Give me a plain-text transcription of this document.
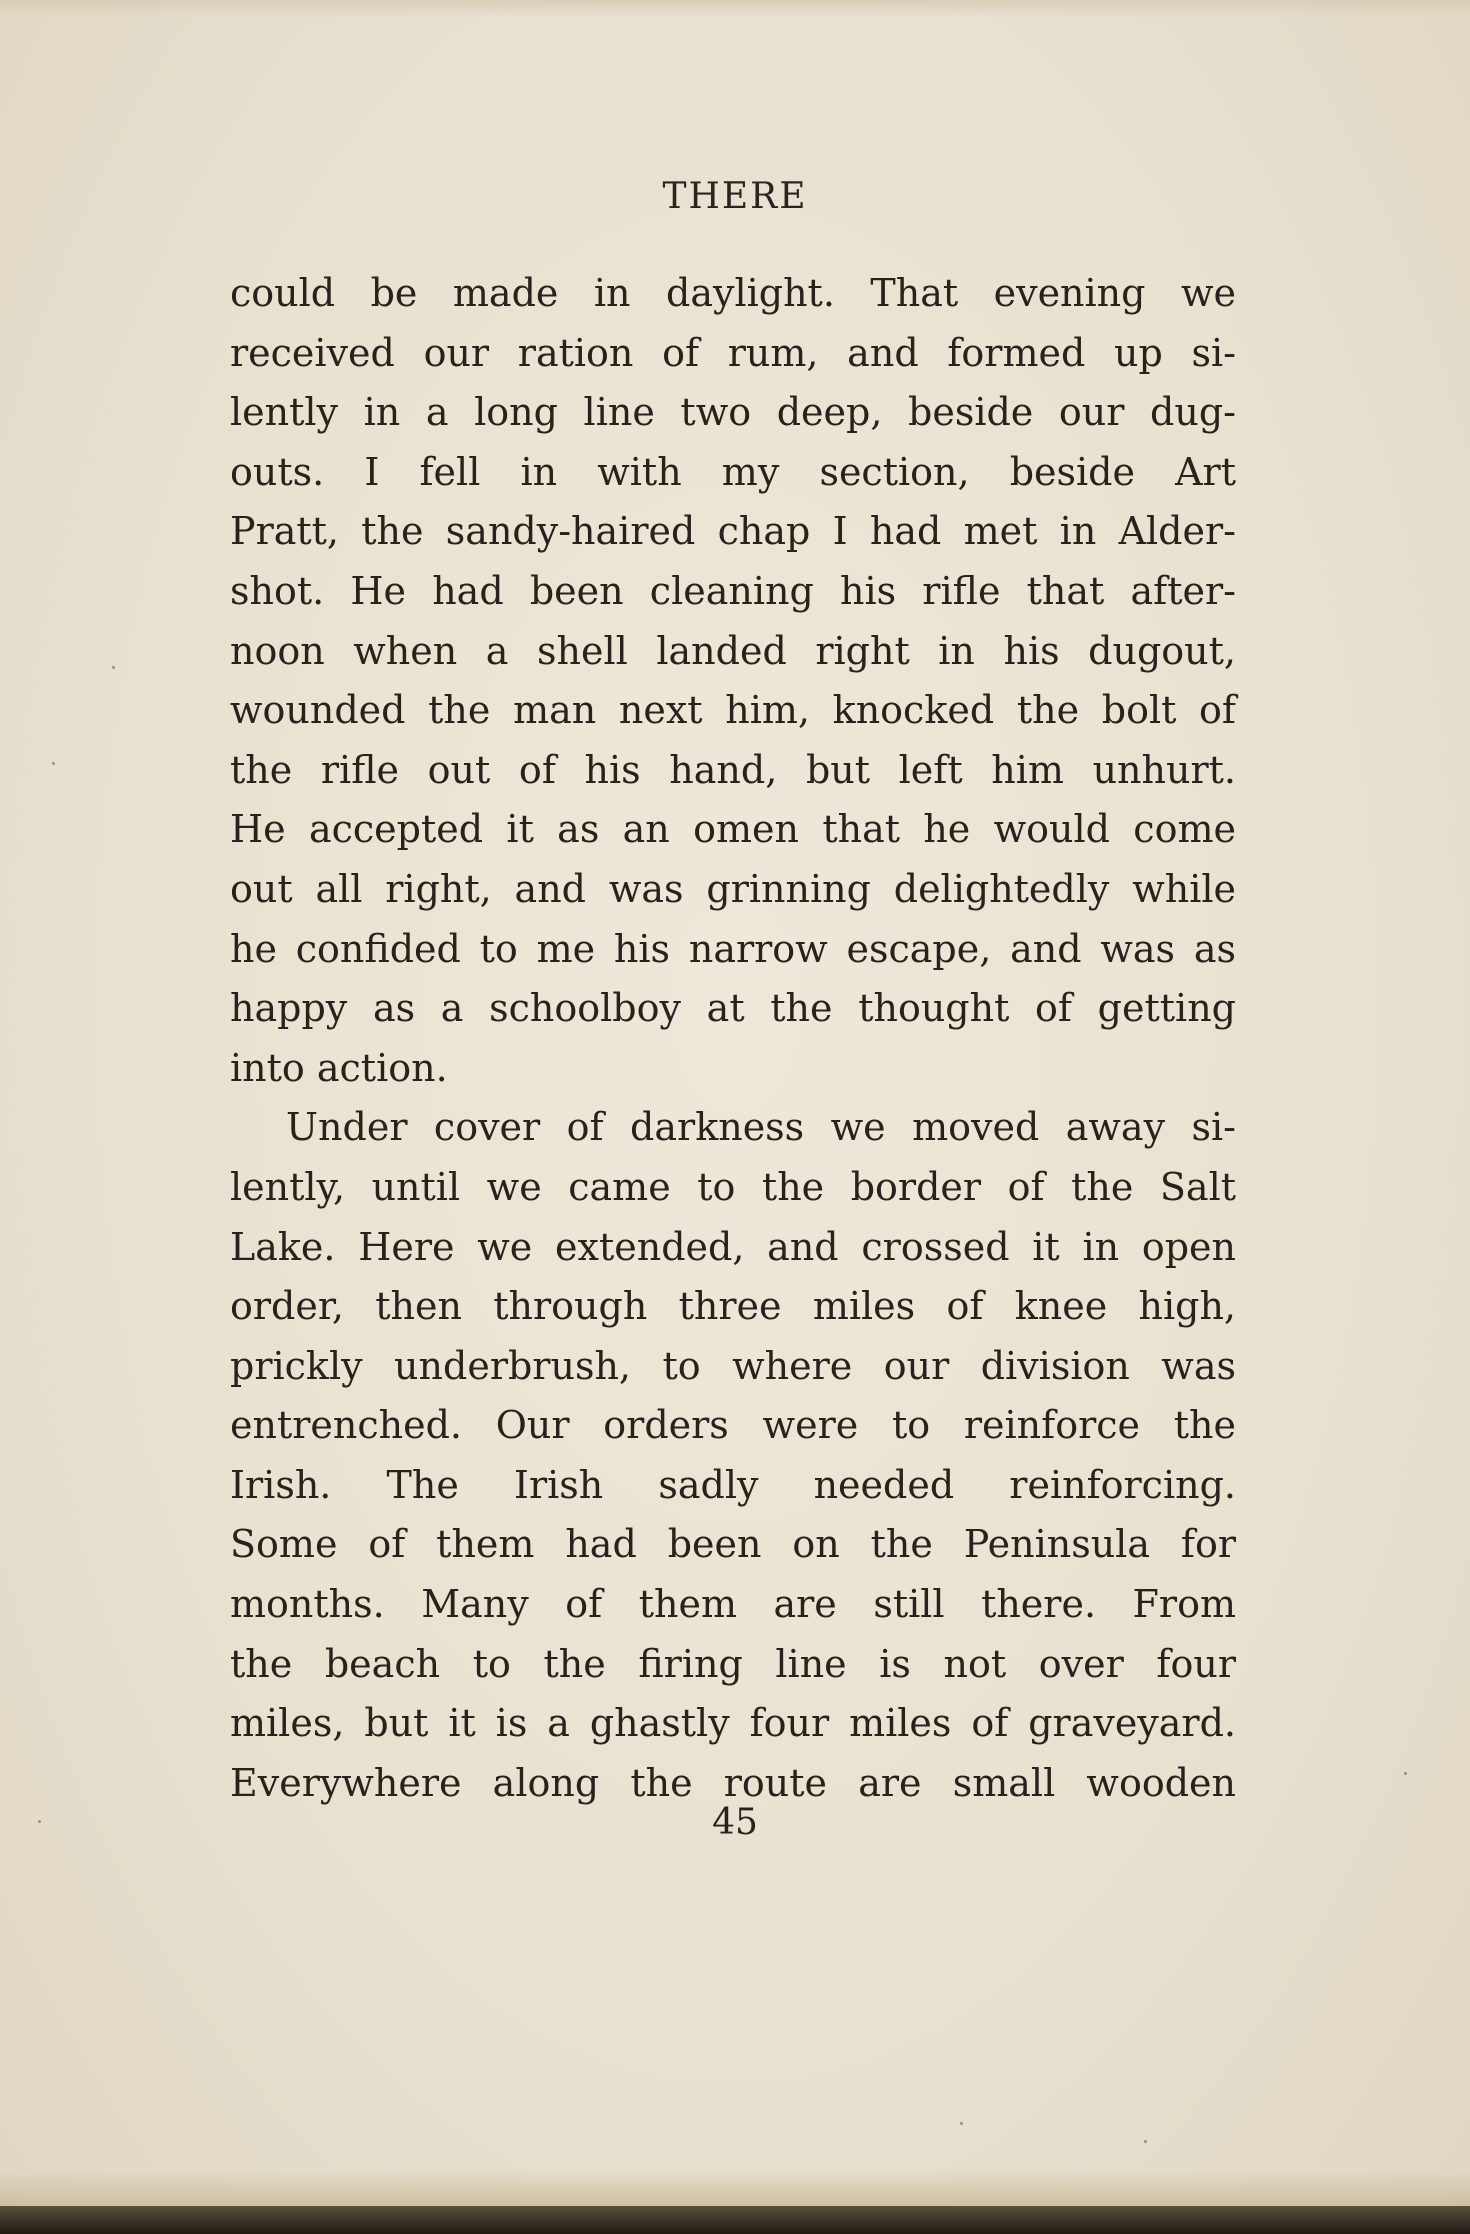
THERE
could be made in daylight. That evening we
received our ration of rum, and formed up si-
lently in a long line two deep, beside our dug-
outs. I fell in with my section, beside Art
Pratt, the sandy-haired chap I had met in Alder-
shot. He had been cleaning his rifle that after-
noon when a shell landed right in his dugout,
wounded the man next him, knocked the bolt of
the rifle out of his hand, but left him unhurt.
He accepted it as an omen that he would come
out all right, and was grinning delightedly while
he confided to me his narrow escape, and was as
happy as a schoolboy at the thought of getting
into action.
Under cover of darkness we moved away si-
lently, until we came to the border of the Salt
Lake. Here we extended, and crossed it in open
order, then through three miles of knee high,
prickly underbrush, to where our division was
entrenched. Our orders were to reinforce the
Irish. The Irish sadly needed reinforcing.
Some of them had been on the Peninsula for
months. Many of them are still there. From
the beach to the firing line is not over four
miles, but it is a ghastly four miles of graveyard.
Everywhere along the route are small wooden
45
